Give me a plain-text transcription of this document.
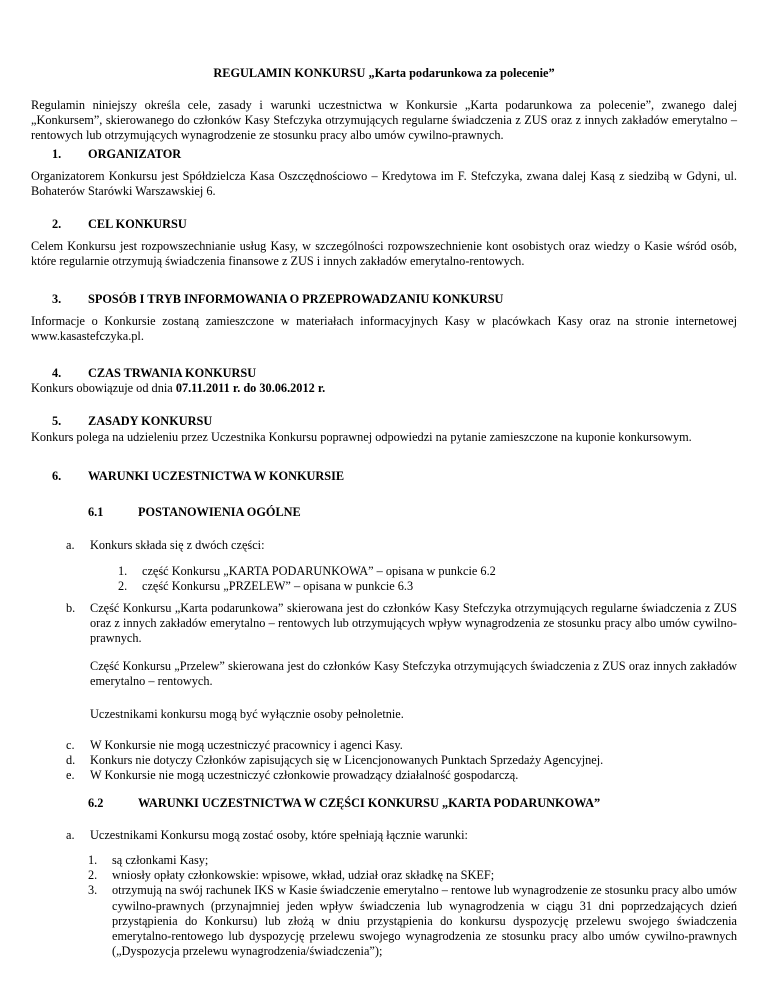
REGULAMIN KONKURSU „Karta podarunkowa za polecenie”
Regulamin niniejszy określa cele, zasady i warunki uczestnictwa w Konkursie „Karta podarunkowa za polecenie”, zwanego dalej „Konkursem”, skierowanego do członków Kasy Stefczyka otrzymujących regularne świadczenia z ZUS oraz z innych zakładów emerytalno – rentowych lub otrzymujących wynagrodzenie ze stosunku pracy albo umów cywilno-prawnych.
1. ORGANIZATOR
Organizatorem Konkursu jest Spółdzielcza Kasa Oszczędnościowo – Kredytowa im F. Stefczyka, zwana dalej Kasą z siedzibą w Gdyni, ul. Bohaterów Starówki Warszawskiej 6.
2. CEL KONKURSU
Celem Konkursu jest rozpowszechnianie usług Kasy, w szczególności rozpowszechnienie kont osobistych oraz wiedzy o Kasie wśród osób, które regularnie otrzymują świadczenia finansowe z ZUS i innych zakładów emerytalno-rentowych.
3. SPOSÓB I TRYB INFORMOWANIA O PRZEPROWADZANIU KONKURSU
Informacje o Konkursie zostaną zamieszczone w materiałach informacyjnych Kasy w placówkach Kasy oraz na stronie internetowej www.kasastefczyka.pl.
4. CZAS TRWANIA KONKURSU
Konkurs obowiązuje od dnia 07.11.2011 r. do 30.06.2012 r.
5. ZASADY KONKURSU
Konkurs polega na udzieleniu przez Uczestnika Konkursu poprawnej odpowiedzi na pytanie zamieszczone na kuponie konkursowym.
6. WARUNKI UCZESTNICTWA W KONKURSIE
6.1	POSTANOWIENIA OGÓLNE
a. Konkurs składa się z dwóch części:
1.	część Konkursu „KARTA PODARUNKOWA” – opisana w punkcie 6.2
2.	część Konkursu „PRZELEW” – opisana w punkcie 6.3
b. Część Konkursu „Karta podarunkowa” skierowana jest do członków Kasy Stefczyka otrzymujących regularne świadczenia z ZUS oraz z innych zakładów emerytalno – rentowych lub otrzymujących wpływ wynagrodzenia ze stosunku pracy albo umów cywilno-prawnych.
Część Konkursu „Przelew” skierowana jest do członków Kasy Stefczyka otrzymujących świadczenia z ZUS oraz innych zakładów emerytalno – rentowych.
Uczestnikami konkursu mogą być wyłącznie osoby pełnoletnie.
c.	W Konkursie nie mogą uczestniczyć pracownicy i agenci Kasy.
d.	Konkurs nie dotyczy Członków zapisujących się w Licencjonowanych Punktach Sprzedaży Agencyjnej.
e.	W Konkursie nie mogą uczestniczyć członkowie prowadzący działalność gospodarczą.
6.2	WARUNKI UCZESTNICTWA W CZĘŚCI KONKURSU „KARTA PODARUNKOWA”
a. Uczestnikami Konkursu mogą zostać osoby, które spełniają łącznie warunki:
1.	są członkami Kasy;
2.	wniosły opłaty członkowskie: wpisowe, wkład, udział oraz składkę na SKEF;
3.	otrzymują na swój rachunek IKS w Kasie świadczenie emerytalno – rentowe lub wynagrodzenie ze stosunku pracy albo umów cywilno-prawnych (przynajmniej jeden wpływ świadczenia lub wynagrodzenia w ciągu 31 dni poprzedzających dzień przystąpienia do Konkursu) lub złożą w dniu przystąpienia do konkursu dyspozycję przelewu swojego świadczenia emerytalno-rentowego lub dyspozycję przelewu swojego wynagrodzenia ze stosunku pracy albo umów cywilno-prawnych („Dyspozycja przelewu wynagrodzenia/świadczenia”);
